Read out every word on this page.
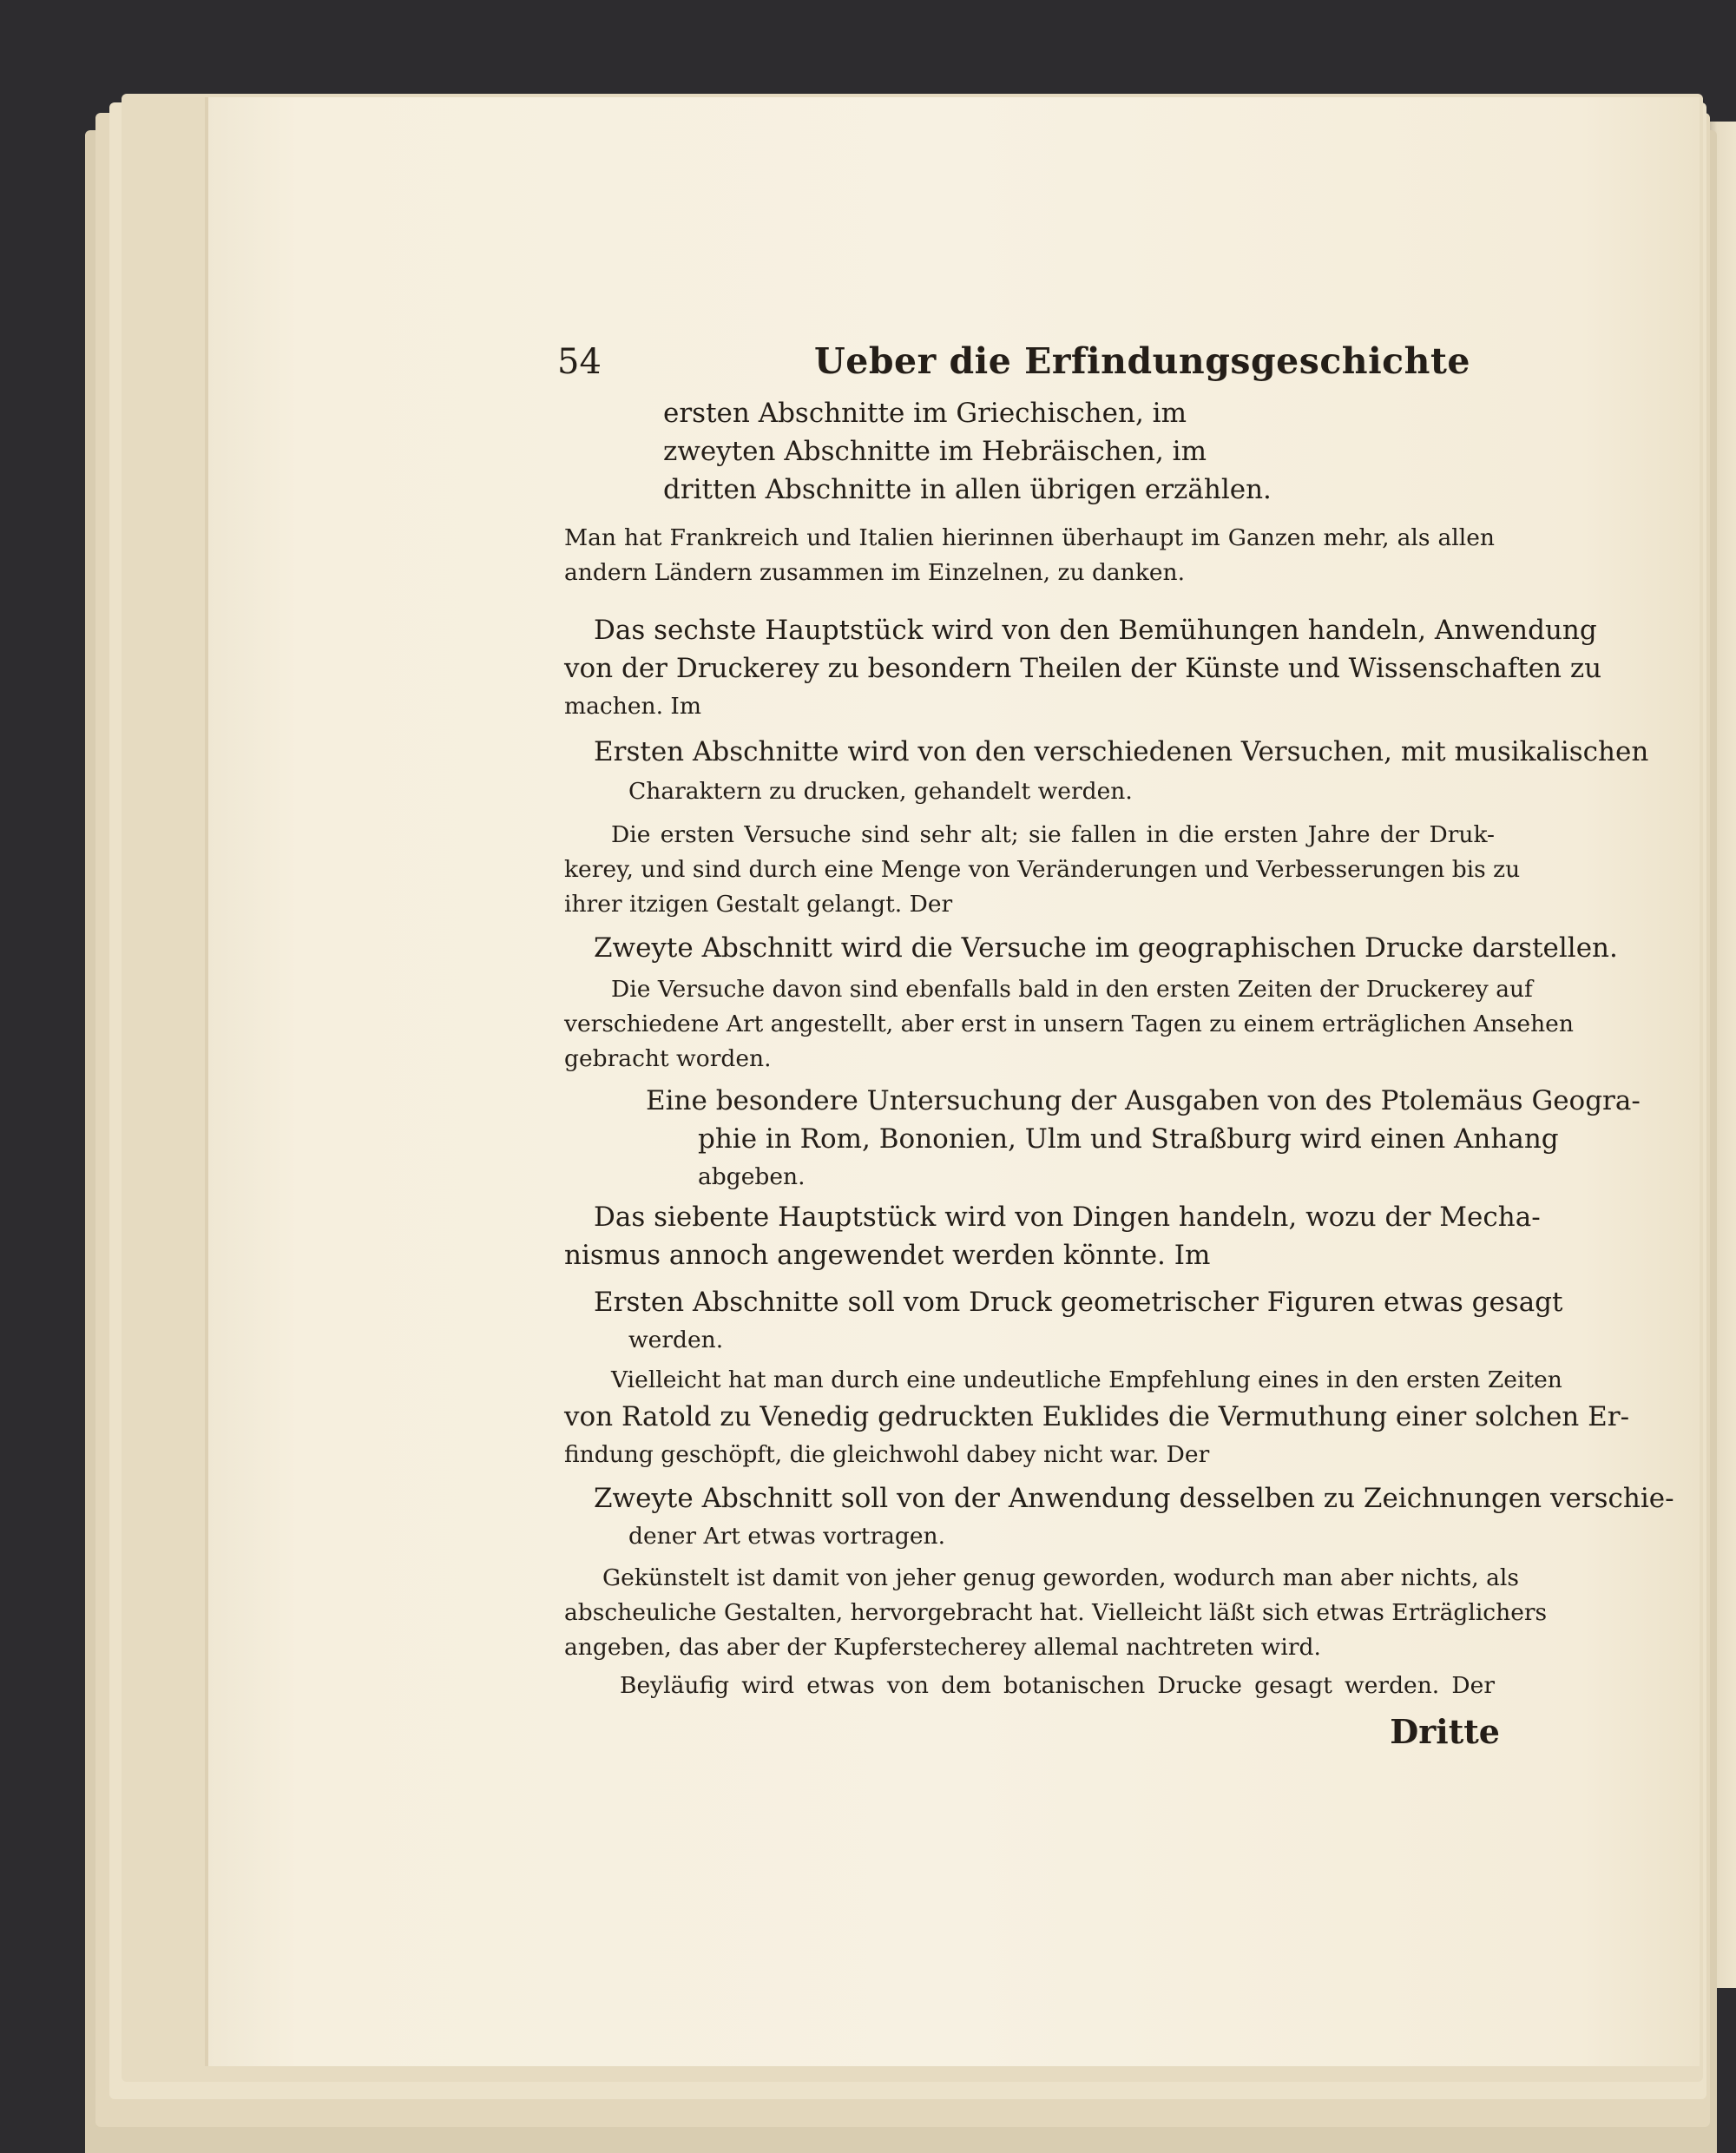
54	Ueber die Erfindungsgeschichte
ersten Abschnitte im Griechischen, im
zweyten Abschnitte im Hebräischen, im
dritten Abschnitte in allen übrigen erzählen.
Man hat Frankreich und Italien hierinnen überhaupt im Ganzen mehr, als allen
andern Ländern zusammen im Einzelnen, zu danken.
Das sechste Hauptstück wird von den Bemühungen handeln, Anwendung
von der Druckerey zu besondern Theilen der Künste und Wissenschaften zu
machen. Im
Ersten Abschnitte wird von den verschiedenen Versuchen, mit musikalischen
Charaktern zu drucken, gehandelt werden.
Die ersten Versuche sind sehr alt; sie fallen in die ersten Jahre der Druk-
kerey, und sind durch eine Menge von Veränderungen und Verbesserungen bis zu
ihrer itzigen Gestalt gelangt. Der
Zweyte Abschnitt wird die Versuche im geographischen Drucke darstellen.
Die Versuche davon sind ebenfalls bald in den ersten Zeiten der Druckerey auf
verschiedene Art angestellt, aber erst in unsern Tagen zu einem erträglichen Ansehen
gebracht worden.
Eine besondere Untersuchung der Ausgaben von des Ptolemäus Geogra-
phie in Rom, Bononien, Ulm und Straßburg wird einen Anhang
abgeben.
Das siebente Hauptstück wird von Dingen handeln, wozu der Mecha-
nismus annoch angewendet werden könnte. Im
Ersten Abschnitte soll vom Druck geometrischer Figuren etwas gesagt
werden.
Vielleicht hat man durch eine undeutliche Empfehlung eines in den ersten Zeiten
von Ratold zu Venedig gedruckten Euklides die Vermuthung einer solchen Er-
findung geschöpft, die gleichwohl dabey nicht war. Der
Zweyte Abschnitt soll von der Anwendung desselben zu Zeichnungen verschie-
dener Art etwas vortragen.
Gekünstelt ist damit von jeher genug geworden, wodurch man aber nichts, als
abscheuliche Gestalten, hervorgebracht hat. Vielleicht läßt sich etwas Erträglichers
angeben, das aber der Kupferstecherey allemal nachtreten wird.
Beyläufig wird etwas von dem botanischen Drucke gesagt werden. Der
Dritte
